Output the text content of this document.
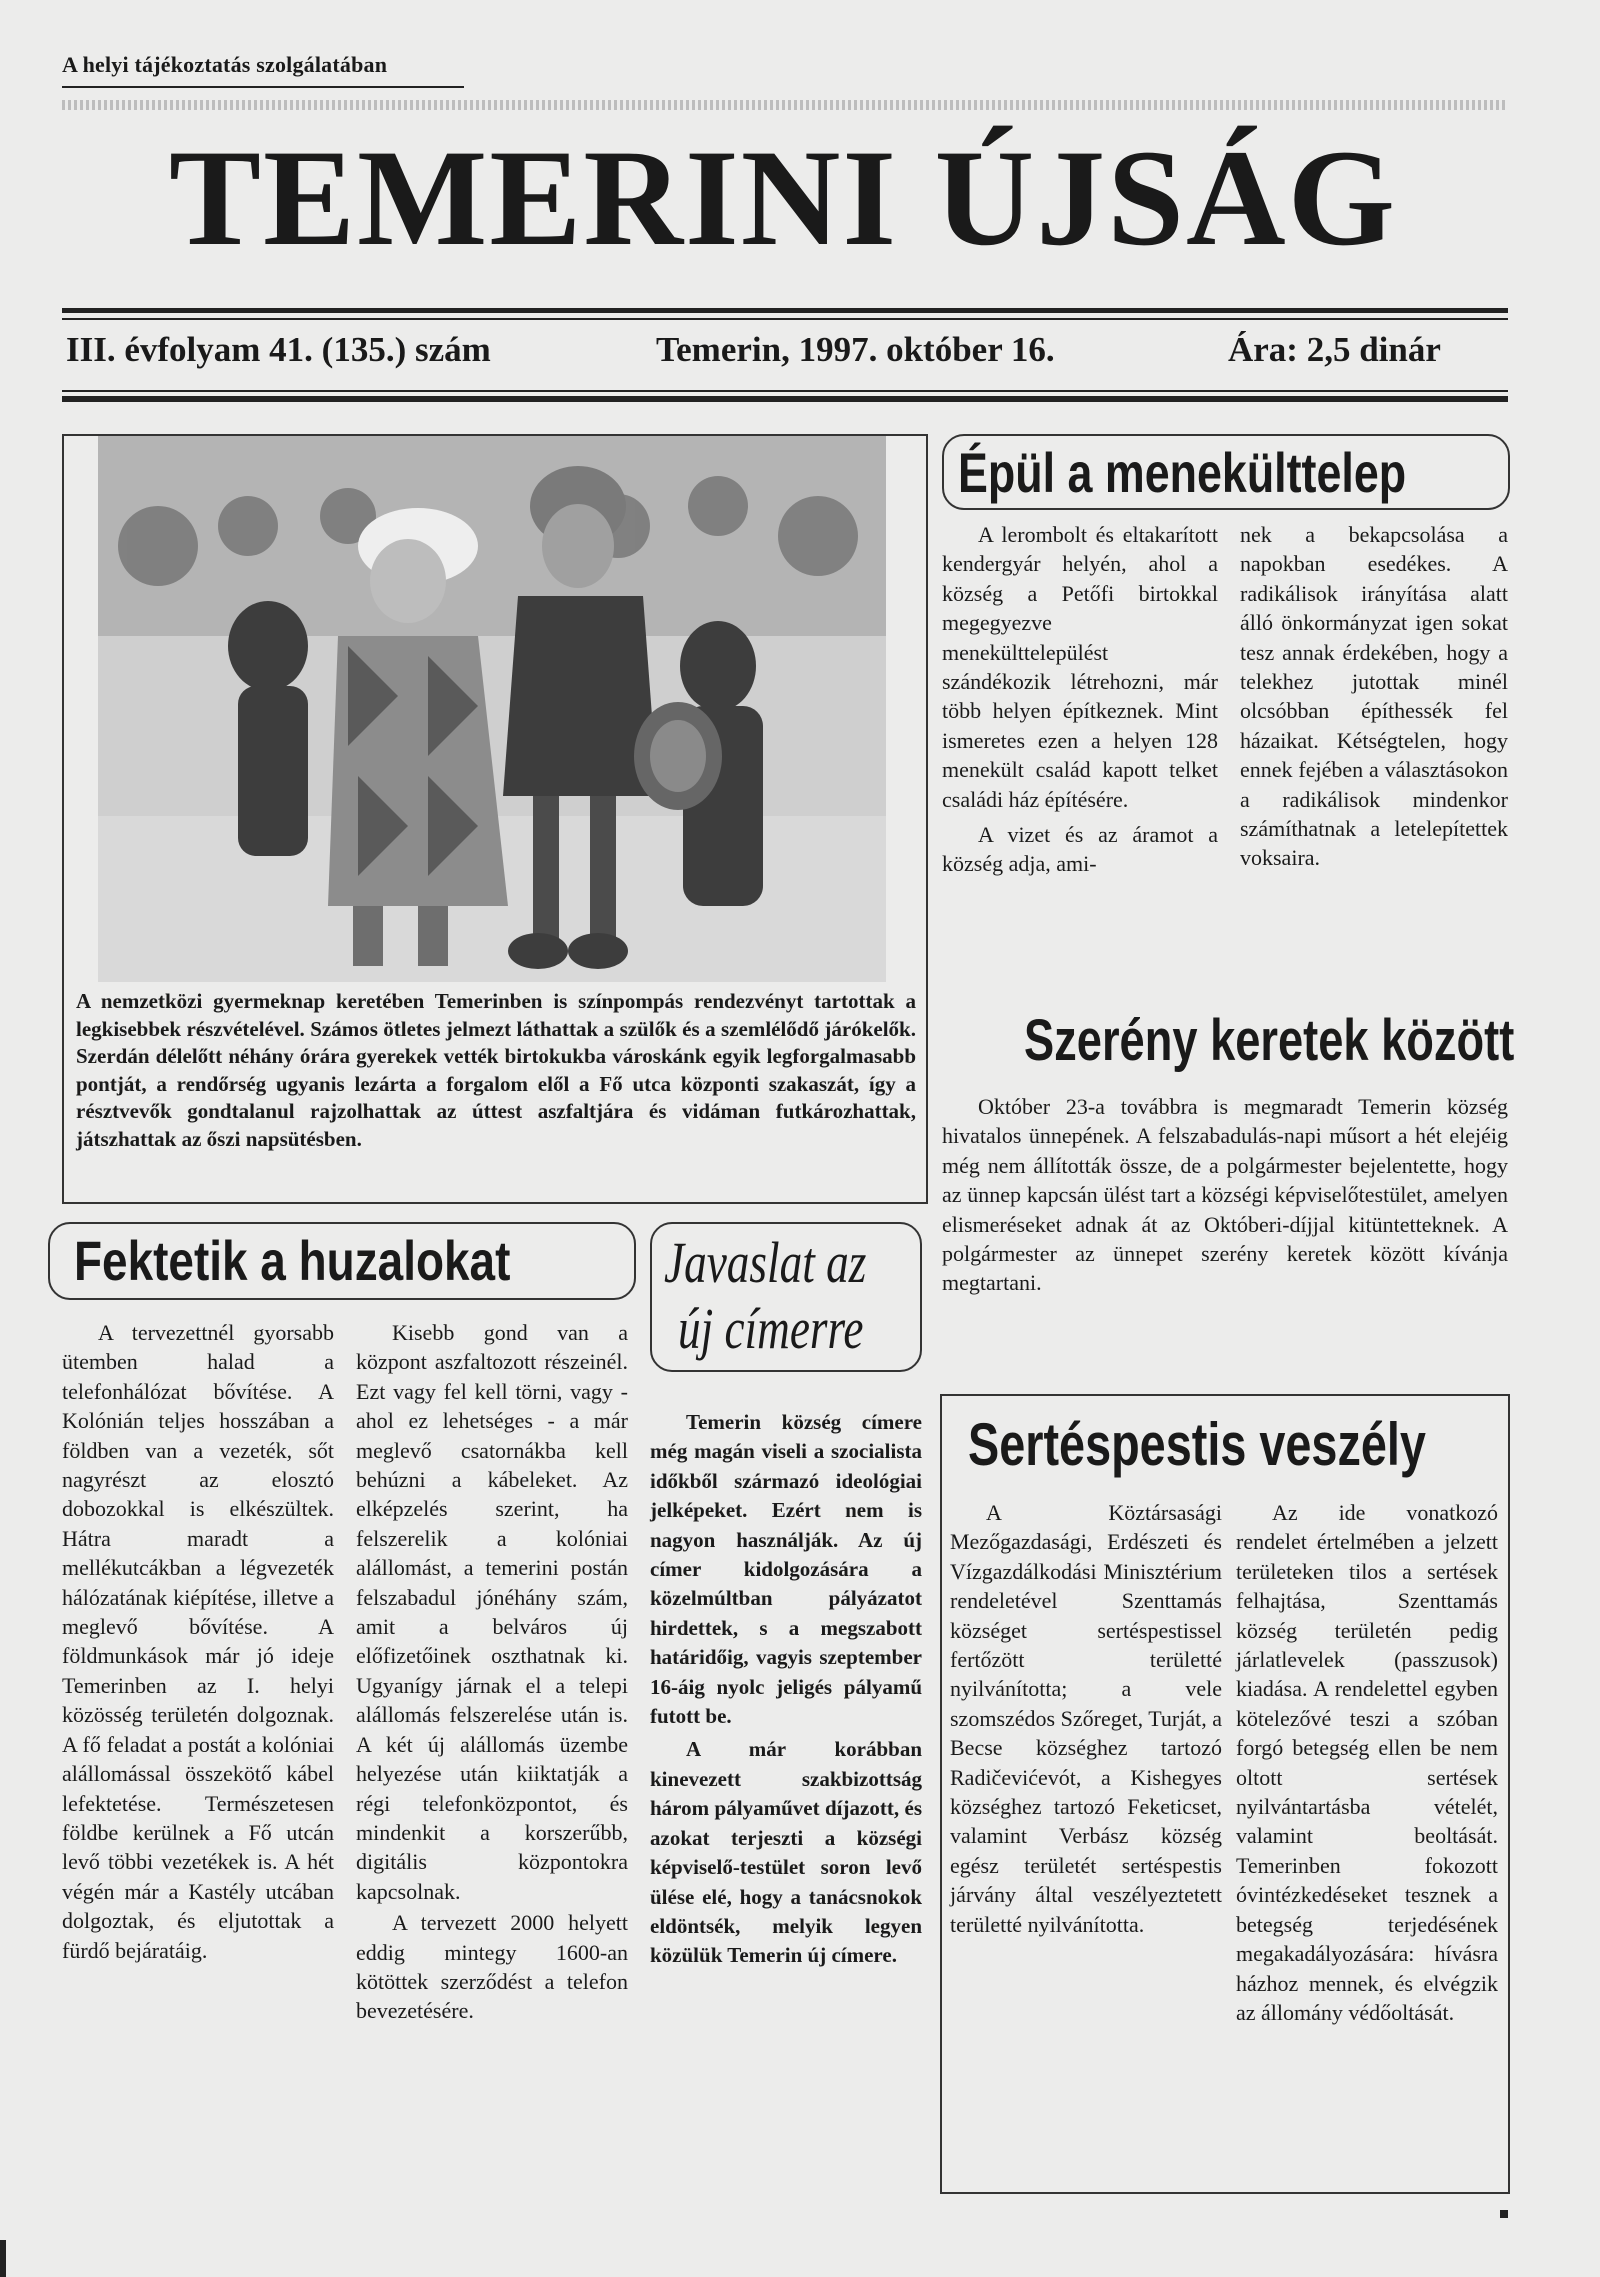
A helyi tájékoztatás szolgálatában
TEMERINI ÚJSÁG
III. évfolyam 41. (135.) szám	Temerin, 1997. október 16.	Ára: 2,5 dinár
A nemzetközi gyermeknap keretében Temerinben is színpompás rendezvényt tartottak a legkisebbek részvételével. Számos ötletes jelmezt láthattak a szülők és a szemlélődő járókelők. Szerdán délelőtt néhány órára gyerekek vették birtokukba városkánk egyik legforgalmasabb pontját, a rendőrség ugyanis lezárta a forgalom elől a Fő utca központi szakaszát, így a résztvevők gondtalanul rajzolhattak az úttest aszfaltjára és vidáman futkározhattak, játszhattak az őszi napsütésben.
Épül a menekülttelep

A lerombolt és eltakarított kendergyár helyén, ahol a község a Petőfi birtokkal megegyezve menekülttelepülést szándékozik létrehozni, már több helyen építkeznek. Mint ismeretes ezen a helyen 128 menekült család kapott telket családi ház építésére.

A vizet és az áramot a község adja, ami-

nek a bekapcsolása a napokban esedékes. A radikálisok irányítása alatt álló önkormányzat igen sokat tesz annak érdekében, hogy a telekhez jutottak minél olcsóbban építhessék fel házaikat. Kétségtelen, hogy ennek fejében a választásokon a radikálisok mindenkor számíthatnak a letelepítettek voksaira.

Szerény keretek között

Október 23-a továbbra is megmaradt Temerin község hivatalos ünnepének. A felszabadulás-napi műsort a hét elejéig még nem állították össze, de a polgármester bejelentette, hogy az ünnep kapcsán ülést tart a községi képviselőtestület, amelyen elismeréseket adnak át az Októberi-díjjal kitüntetteknek. A polgármester az ünnepet szerény keretek között kívánja megtartani.

Fektetik a huzalokat

A tervezettnél gyorsabb ütemben halad a telefonhálózat bővítése. A Kolónián teljes hosszában a földben van a vezeték, sőt nagyrészt az elosztó dobozokkal is elkészültek. Hátra maradt a mellékutcákban a légvezeték hálózatának kiépítése, illetve a meglevő bővítése. A földmunkások már jó ideje Temerinben az I. helyi közösség területén dolgoznak. A fő feladat a postát a kolóniai alállomással összekötő kábel lefektetése. Természetesen földbe kerülnek a Fő utcán levő többi vezetékek is. A hét végén már a Kastély utcában dolgoztak, és eljutottak a fürdő bejáratáig.

Kisebb gond van a központ aszfaltozott részeinél. Ezt vagy fel kell törni, vagy - ahol ez lehetséges - a már meglevő csatornákba kell behúzni a kábeleket. Az elképzelés szerint, ha felszerelik a kolóniai alállomást, a temerini postán felszabadul jónéhány szám, amit a belváros új előfizetőinek oszthatnak ki. Ugyanígy járnak el a telepi alállomás felszerelése után is. A két új alállomás üzembe helyezése után kiiktatják a régi telefonközpontot, és mindenkit a korszerűbb, digitális központokra kapcsolnak.

A tervezett 2000 helyett eddig mintegy 1600-an kötöttek szerződést a telefon bevezetésére.

Javaslat az
új címerre

Temerin község címere még magán viseli a szocialista időkből származó ideológiai jelképeket. Ezért nem is nagyon használják. Az új címer kidolgozására a közelmúltban pályázatot hirdettek, s a megszabott határidőig, vagyis szeptember 16-áig nyolc jeligés pályamű futott be.

A már korábban kinevezett szakbizottság három pályaművet díjazott, és azokat terjeszti a községi képviselő-testület soron levő ülése elé, hogy a tanácsnokok eldöntsék, melyik legyen közülük Temerin új címere.

Sertéspestis veszély

A Köztársasági Mezőgazdasági, Erdészeti és Vízgazdálkodási Minisztérium rendeletével Szenttamás községet sertéspestissel fertőzött területté nyilvánította; a vele szomszédos Szőreget, Turját, a Becse községhez tartozó Radičevićevót, a Kishegyes községhez tartozó Feketicset, valamint Verbász község egész területét sertéspestis járvány által veszélyeztetett területté nyilvánította.

Az ide vonatkozó rendelet értelmében a jelzett területeken tilos a sertések felhajtása, Szenttamás község területén pedig járlatlevelek (passzusok) kiadása. A rendelettel egyben kötelezővé teszi a szóban forgó betegség ellen be nem oltott sertések nyilvántartásba vételét, valamint beoltását. Temerinben fokozott óvintézkedéseket tesznek a betegség terjedésének megakadályozására: hívásra házhoz mennek, és elvégzik az állomány védőoltását.
